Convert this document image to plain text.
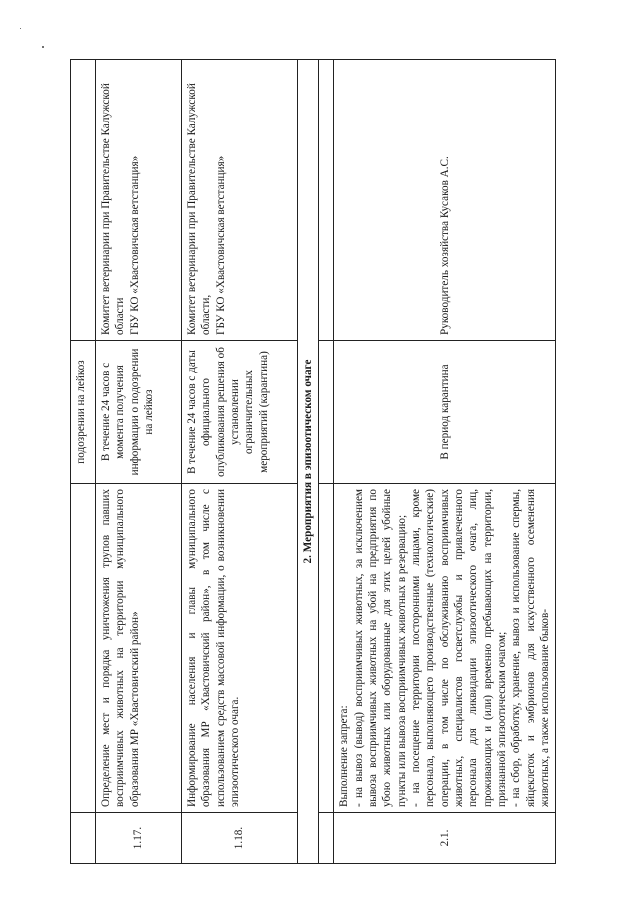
		подозрении на лейкоз	
1.17.	Определение мест и порядка уничтожения трупов павших восприимчивых животных на территории муниципального образования МР «Хвастовичский район»	В течение 24 часов с момента получения информации о подозрении на лейкоз	Комитет ветеринарии при Правительстве Калужской области
ГБУ КО «Хвастовичская ветстанция»
1.18.	Информирование населения и главы муниципального образования МР «Хвастовичский район», в том числе с использованием средств массовой информации, о возникновении эпизоотического очага.	В течение 24 часов с даты официального опубликования решения об установлении ограничительных мероприятий (карантина)	Комитет ветеринарии при Правительстве Калужской области,
ГБУ КО «Хвастовичская ветстанция»
2. Мероприятия в эпизоотическом очаге			

2.1.	Выполнение запрета:
- на вывоз (вывод) восприимчивых животных, за исключением вывоза восприимчивых животных на убой на предприятия по убою животных или оборудованные для этих целей убойные пункты или вывоза восприимчивых животных в резервацию;
- на посещение территории посторонними лицами, кроме персонала, выполняющего производственные (технологические) операции, в том числе по обслуживанию восприимчивых животных, специалистов госветслужбы и привлеченного персонала для ликвидации эпизоотического очага, лиц, проживающих и (или) временно пребывающих на территории, признанной эпизоотическим очагом;
- на сбор, обработку, хранение, вывоз и использование спермы, яйцеклеток и эмбрионов для искусственного осеменения животных, а также использование быков-	В период карантина	Руководитель хозяйства Кусаков А.С.
